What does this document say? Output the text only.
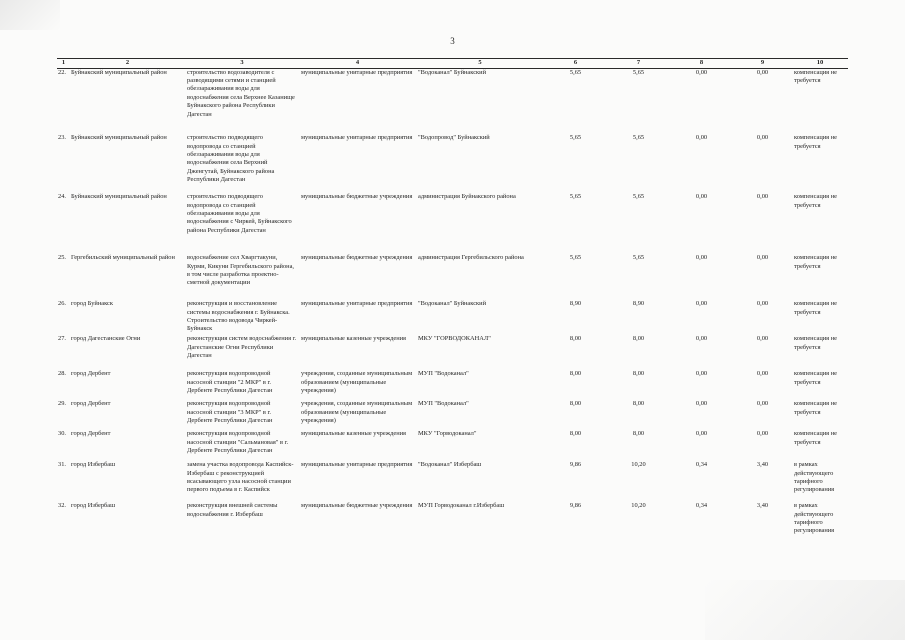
3
1	2	3	4	5	6	7	8	9	10
22.	Буйнакский муниципальный район	строительство водозаводителя с разводящими сетями и станцией обеззараживания воды для водоснабжения села Верхнее Казанище Буйнакского района Республики Дагестан	муниципальные унитарные предприятия	"Водоканал" Буйнакский	5,65	5,65	0,00	0,00	компенсация не требуется
23.	Буйнакский муниципальный район	строительство подводящего водопровода со станцией обеззараживания воды для водоснабжения села Верхний Дженгутай, Буйнакского района Республики Дагестан	муниципальные унитарные предприятия	"Водопровод" Буйнакский	5,65	5,65	0,00	0,00	компенсация не требуется
24.	Буйнакский муниципальный район	строительство подводящего водопровода со станцией обеззараживания воды для водоснабжения с Чиркей, Буйнакского района Республики Дагестан	муниципальные бюджетные учреждения	администрация Буйнакского района	5,65	5,65	0,00	0,00	компенсация не требуется
25.	Гергебильский муниципальный район	водоснабжение сел Хваргтакуни, Курми, Кикуни Гергебильского района, в том числе разработка проектно-сметной документации	муниципальные бюджетные учреждения	администрация Гергебильского района	5,65	5,65	0,00	0,00	компенсация не требуется
26.	город Буйнакск	реконструкция и восстановление системы водоснабжения г. Буйнакска. Строительство водовода Чиркей-Буйнакск	муниципальные унитарные предприятия	"Водоканал" Буйнакский	8,90	8,90	0,00	0,00	компенсация не требуется
27.	город Дагестанские Огни	реконструкция систем водоснабжения г. Дагестанские Огни Республики Дагестан	муниципальные казенные учреждения	МКУ "ГОРВОДОКАНАЛ"	8,00	8,00	0,00	0,00	компенсация не требуется
28.	город Дербент	реконструкция водопроводной насосной станции "2 МКР" в г. Дербенте Республики Дагестан	учреждения, созданные муниципальным образованием (муниципальные учреждения)	МУП "Водоканал"	8,00	8,00	0,00	0,00	компенсация не требуется
29.	город Дербент	реконструкция водопроводной насосной станции "3 МКР" в г. Дербенте Республики Дагестан	учреждения, созданные муниципальным образованием (муниципальные учреждения)	МУП "Водоканал"	8,00	8,00	0,00	0,00	компенсация не требуется
30.	город Дербент	реконструкция водопроводной насосной станции "Сальмановая" в г. Дербенте Республики Дагестан	муниципальные казенные учреждения	МКУ "Горводоканал"	8,00	8,00	0,00	0,00	компенсация не требуется
31.	город Избербаш	замена участка водопровода Каспийск-Избербаш с реконструкцией всасывающего узла насосной станции первого подъема в г. Каспийск	муниципальные унитарные предприятия	"Водоканал" Избербаш	9,86	10,20	0,34	3,40	в рамках действующего тарифного регулирования
32.	город Избербаш	реконструкция внешней системы водоснабжения г. Избербаш	муниципальные бюджетные учреждения	МУП Горводоканал г.Избербаш	9,86	10,20	0,34	3,40	в рамках действующего тарифного регулирования
